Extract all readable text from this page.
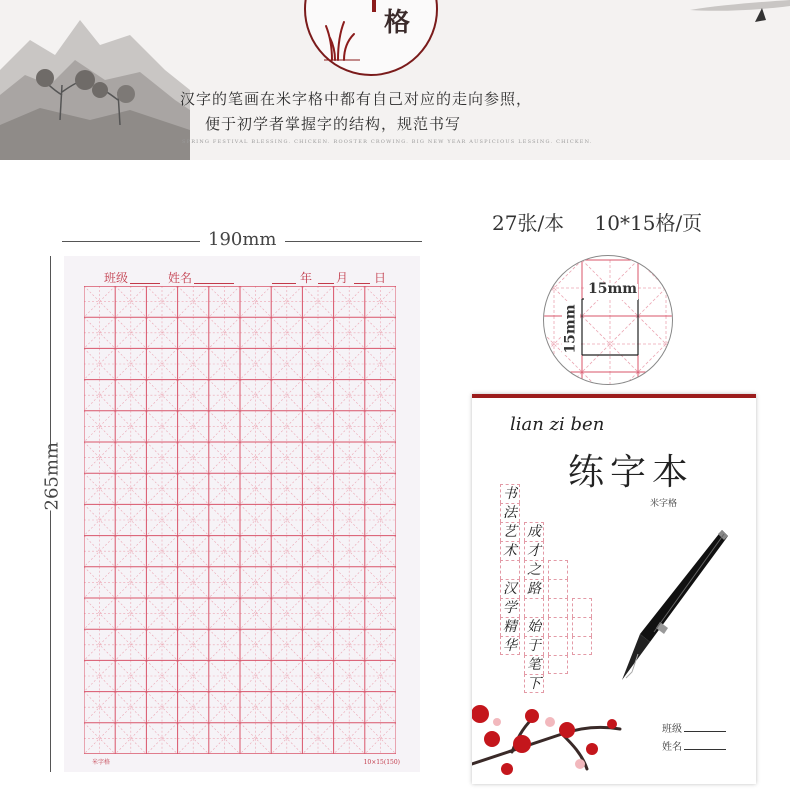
格
汉字的笔画在米字格中都有自己对应的走向参照，
便于初学者掌握字的结构，规范书写
SPRING FESTIVAL BLESSING. CHICKEN. ROOSTER CROWING. BIG NEW YEAR AUSPICIOUS LESSING. CHICKEN.
190mm
265mm
27张/本 10*15格/页
班级	姓名	年 月 日
米字格	10×15(150)
15mm
15mm
lian zi ben
练字本
米字格
书
法
艺
术
汉
学
精
华
成
才
之
路
始
于
笔
下
班级
姓名
